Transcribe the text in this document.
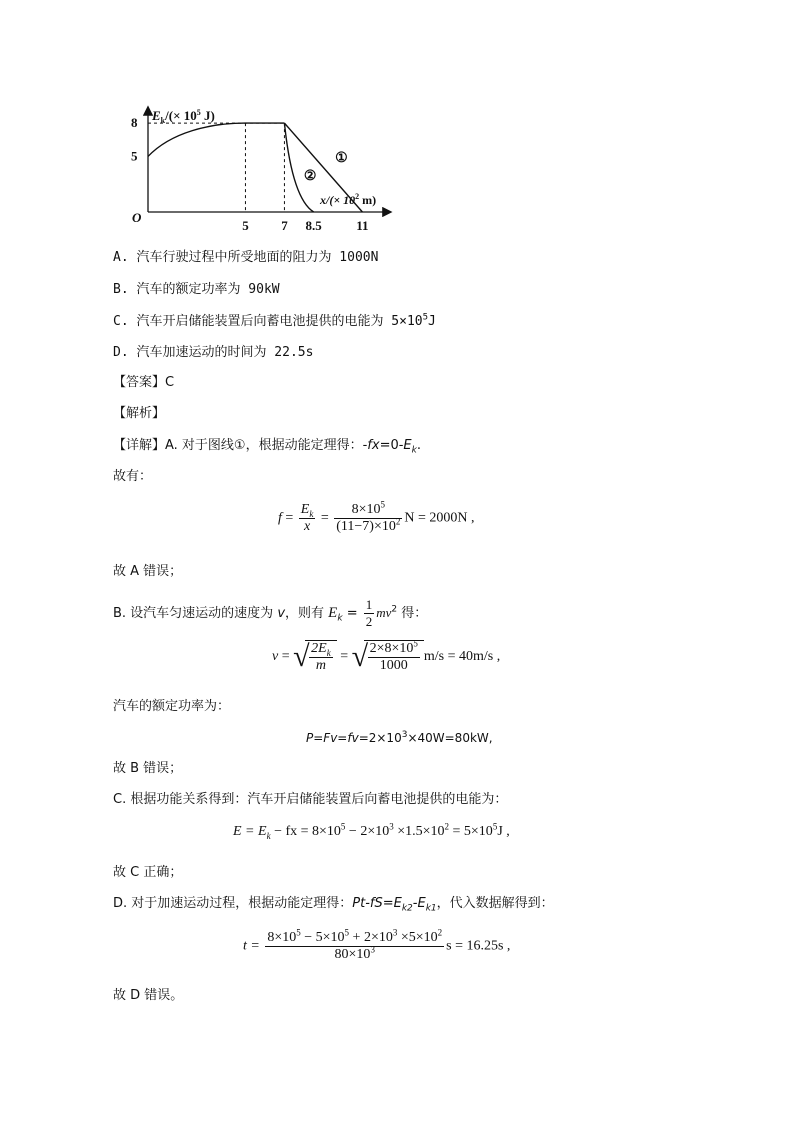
8
5
5 7 8.5	11
①
②
$E_k/(\times 10^5$ J)
$x/(\times 10^2$ m)
O
A. 汽车行驶过程中所受地面的阻力为 1000N
B. 汽车的额定功率为 90kW
C. 汽车开启储能装置后向蓄电池提供的电能为 $5\times 10^5J$
D. 汽车加速运动的时间为 22.5s
【答案】C
【解析】
【详解】A. 对于图线①，根据动能定理得：$-fx=0-E_k$.
故有：
$f = \frac{E_k}{x} = \frac{8\times 10^5}{(11-7)\times 10^2}$ N = 2000N ,
故 A 错误；
B. 设汽车匀速运动的速度为 v，则有 $E_k = \frac{1}{2} mv^2$ 得：
v = √ $\frac{2E_k}{m}$ = √ $\frac{2\times 8\times 10^5}{1000} m/s = 40m/s$ ,
汽车的额定功率为：
$P=Fv=fv=2\times 10^3\times 40W=80kW$,
故 B 错误；
C. 根据功能关系得到：汽车开启储能装置后向蓄电池提供的电能为：
$E = E_k$ − fx = $8\times 10^5 - 2\times 10^3 \times 1.5\times 10^2 = 5\times 10^5J$ ,
故 C 正确；
D. 对于加速运动过程，根据动能定理得：$Pt-fS=E_{k2}-E_{k1}$，代入数据解得到：
$t = \frac{8\times 10^5 - 5\times 10^5 + 2\times 10^3 \times 5\times 10^2}{80\times 10^3}$ s = 16.25s ,
故 D 错误。
